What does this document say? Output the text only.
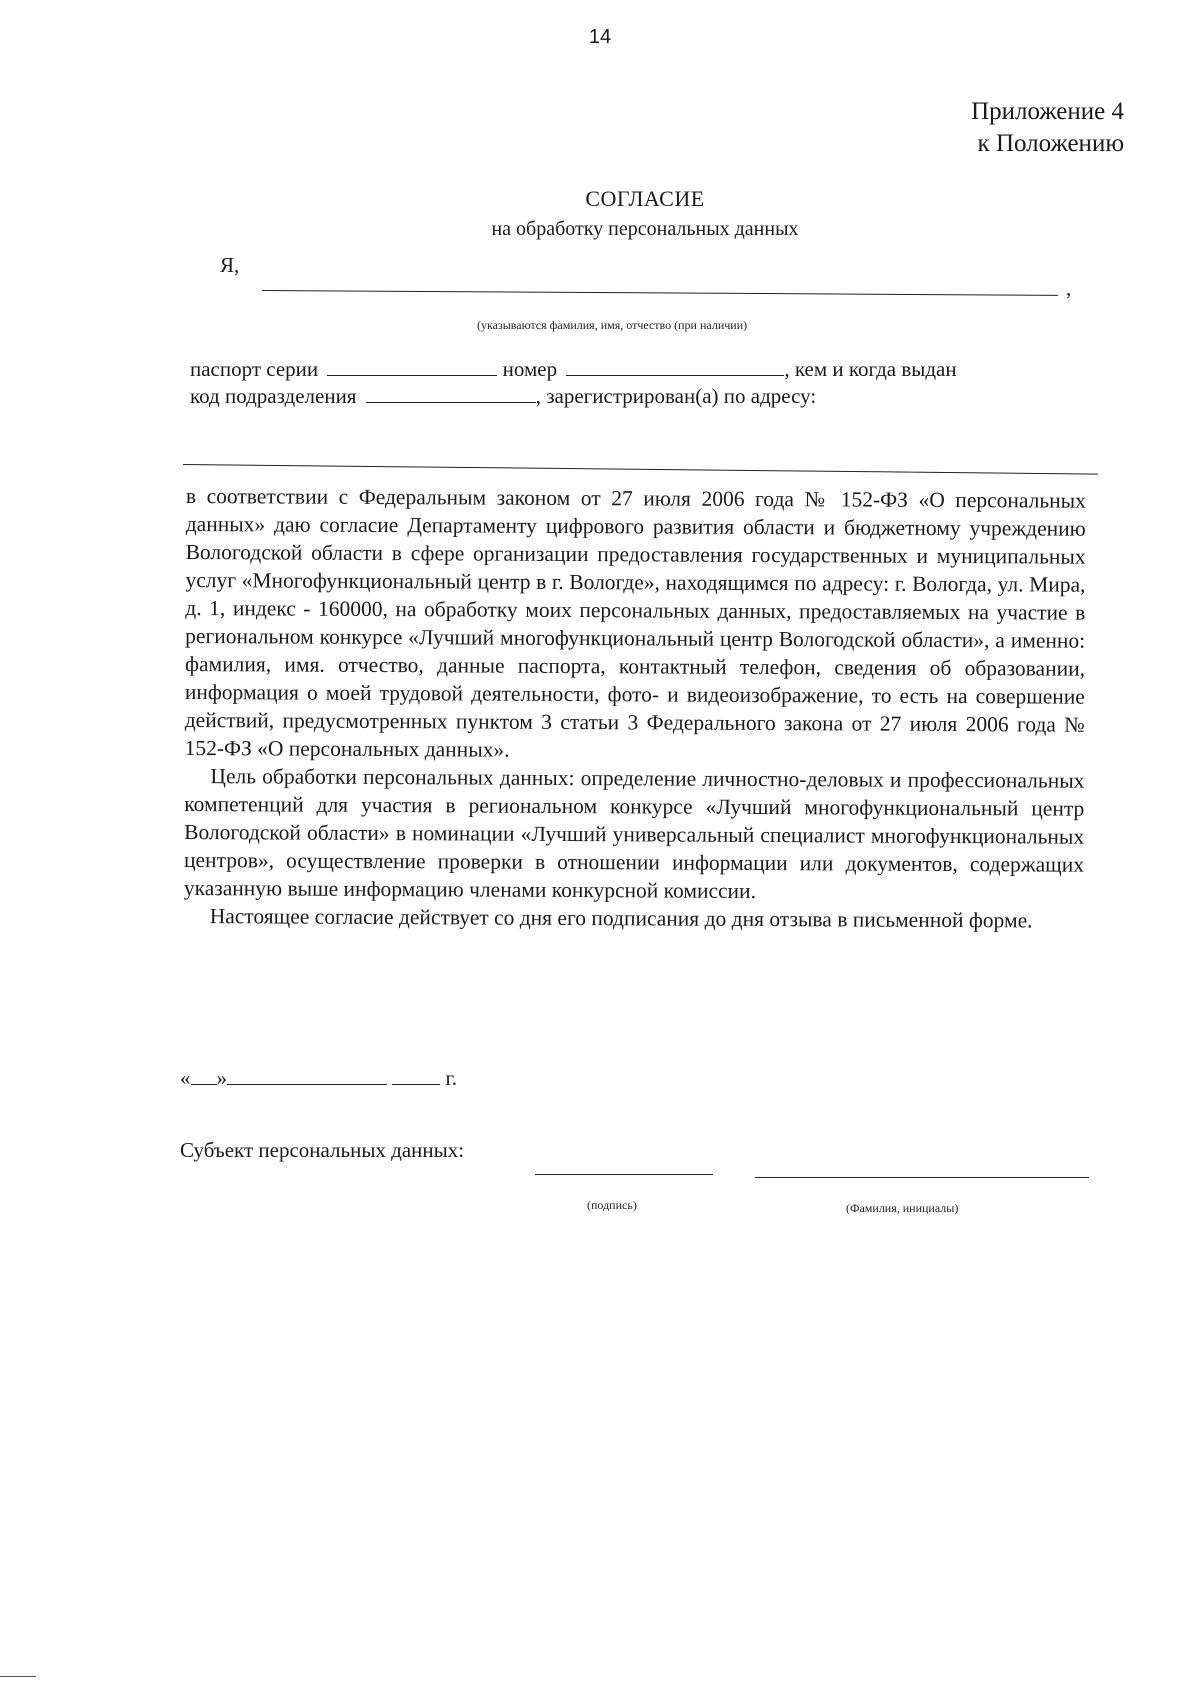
14
Приложение 4
к Положению
СОГЛАСИЕ
на обработку персональных данных
Я,
,
(указываются фамилия, имя, отчество (при наличии)
паспорт серии	номер	, кем и когда выдан
код подразделения	, зарегистрирован(а) по адресу:

в соответствии с Федеральным законом от 27 июля 2006 года № 152-ФЗ «О персональных данных» даю согласие Департаменту цифрового развития области и бюджетному учреждению Вологодской области в сфере организации предоставления государственных и муниципальных услуг «Многофункциональный центр в г. Вологде», находящимся по адресу: г. Вологда, ул. Мира, д. 1, индекс - 160000, на обработку моих персональных данных, предоставляемых на участие в региональном конкурсе «Лучший многофункциональный центр Вологодской области», а именно: фамилия, имя. отчество, данные паспорта, контактный телефон, сведения об образовании, информация о моей трудовой деятельности, фото- и видеоизображение, то есть на совершение действий, предусмотренных пунктом 3 статьи 3 Федерального закона от 27 июля 2006 года № 152-ФЗ «О персональных данных».

Цель обработки персональных данных: определение личностно-деловых и профессиональных компетенций для участия в региональном конкурсе «Лучший многофункциональный центр Вологодской области» в номинации «Лучший универсальный специалист многофункциональных центров», осуществление проверки в отношении информации или документов, содержащих указанную выше информацию членами конкурсной комиссии.

Настоящее согласие действует со дня его подписания до дня отзыва в письменной форме.

« »	г.
Субъект персональных данных:
(подпись)	(Фамилия, инициалы)
